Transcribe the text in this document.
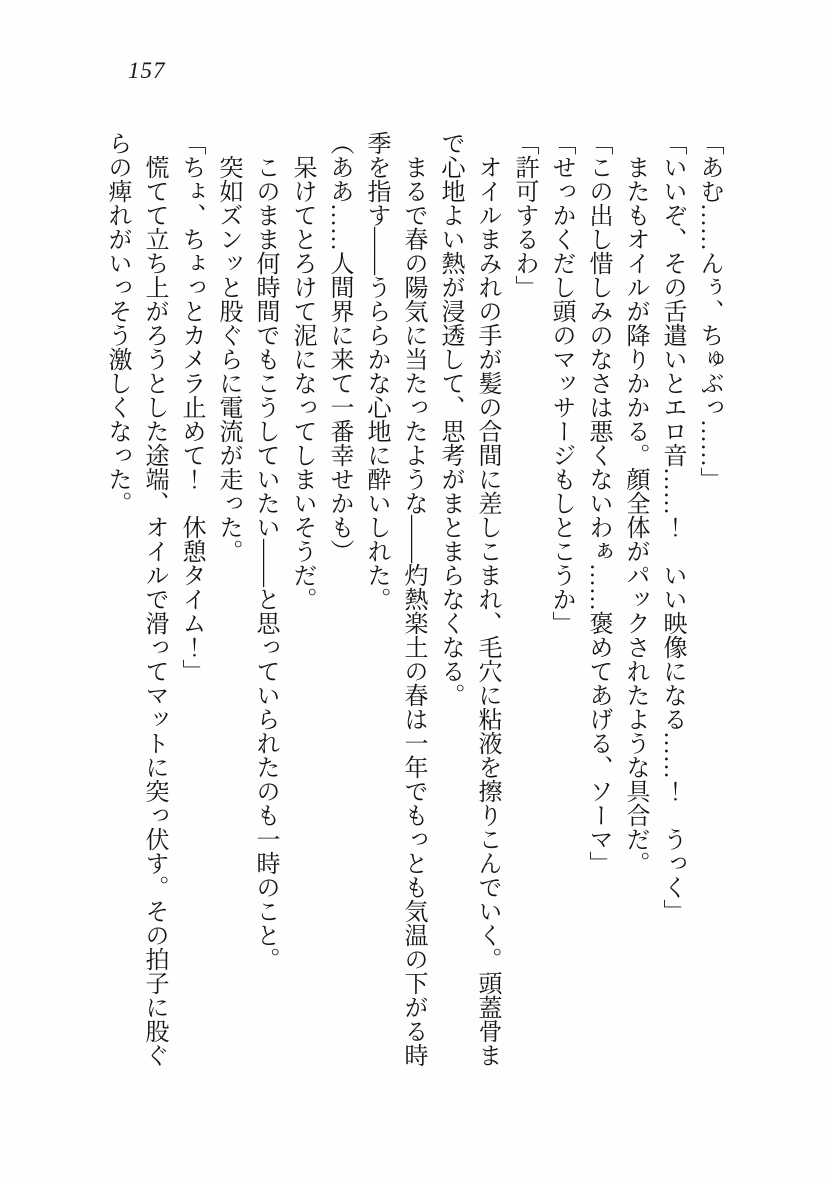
157

「あむ……んぅ、ちゅぶっ……」

「いいぞ、その舌遣いとエロ音……！　いい映像になる……！　うっく」

またもオイルが降りかかる。顔全体がパックされたような具合だ。

「この出し惜しみのなさは悪くないわぁ……褒めてあげる、ソーマ」

「せっかくだし頭のマッサージもしとこうか」

「許可するわ」

オイルまみれの手が髪の合間に差しこまれ、毛穴に粘液を擦りこんでいく。頭蓋骨まで心地よい熱が浸透して、思考がまとまらなくなる。

まるで春の陽気に当たったような――灼熱楽土の春は一年でもっとも気温の下がる時季を指す――うららかな心地に酔いしれた。

（ああ……人間界に来て一番幸せかも）

呆けてとろけて泥になってしまいそうだ。

このまま何時間でもこうしていたい――と思っていられたのも一時のこと。

突如ズンッと股ぐらに電流が走った。

「ちょ、ちょっとカメラ止めて！　休憩タイム！」

慌てて立ち上がろうとした途端、オイルで滑ってマットに突っ伏す。その拍子に股ぐらの痺れがいっそう激しくなった。
